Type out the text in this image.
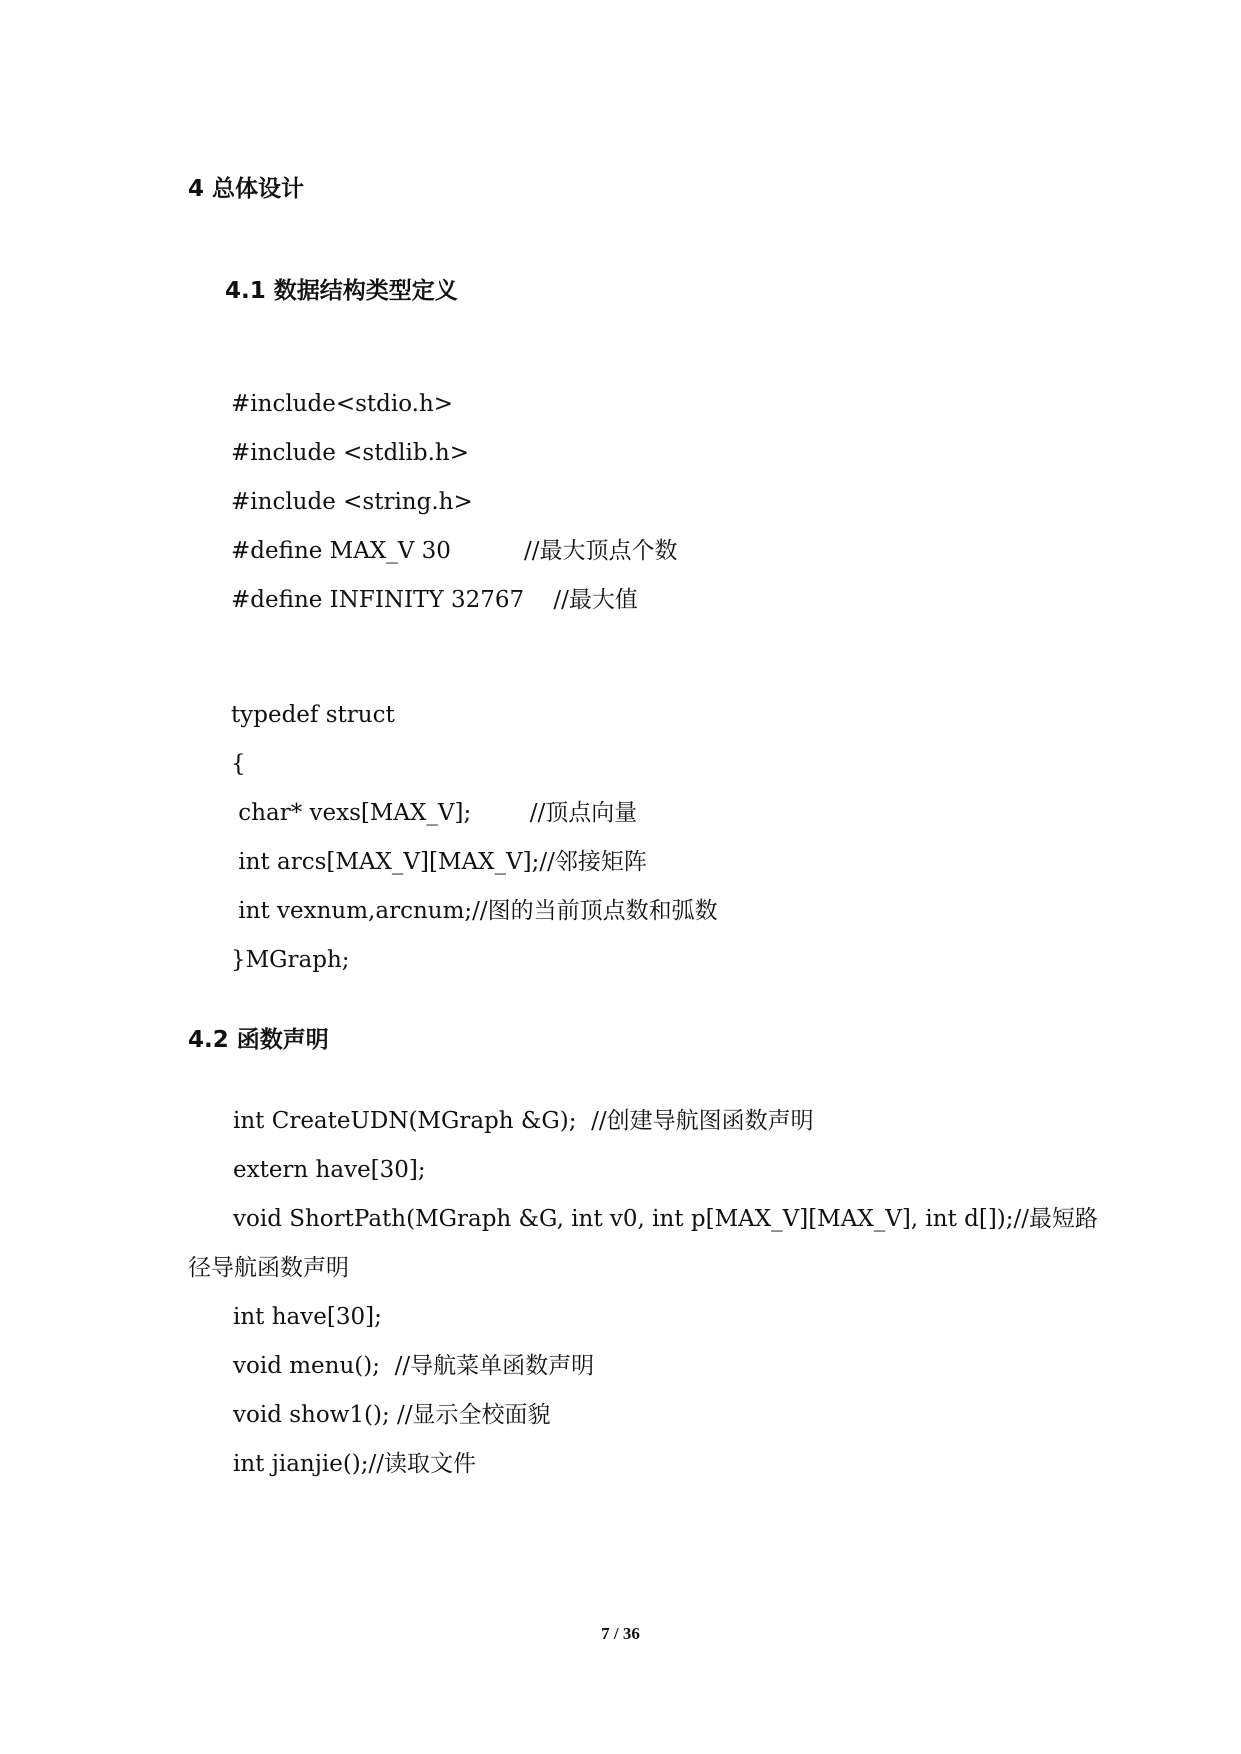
4 总体设计
4.1 数据结构类型定义
#include<stdio.h>
#include <stdlib.h>
#include <string.h>
#define MAX_V 30          //最大顶点个数
#define INFINITY 32767    //最大值
typedef struct
{
char* vexs[MAX_V];        //顶点向量
int arcs[MAX_V][MAX_V];//邻接矩阵
int vexnum,arcnum;//图的当前顶点数和弧数
}MGraph;
4.2 函数声明
int CreateUDN(MGraph &G);  //创建导航图函数声明
extern have[30];
void ShortPath(MGraph &G, int v0, int p[MAX_V][MAX_V], int d[]);//最短路
径导航函数声明
int have[30];
void menu();  //导航菜单函数声明
void show1(); //显示全校面貌
int jianjie();//读取文件
7 / 36
